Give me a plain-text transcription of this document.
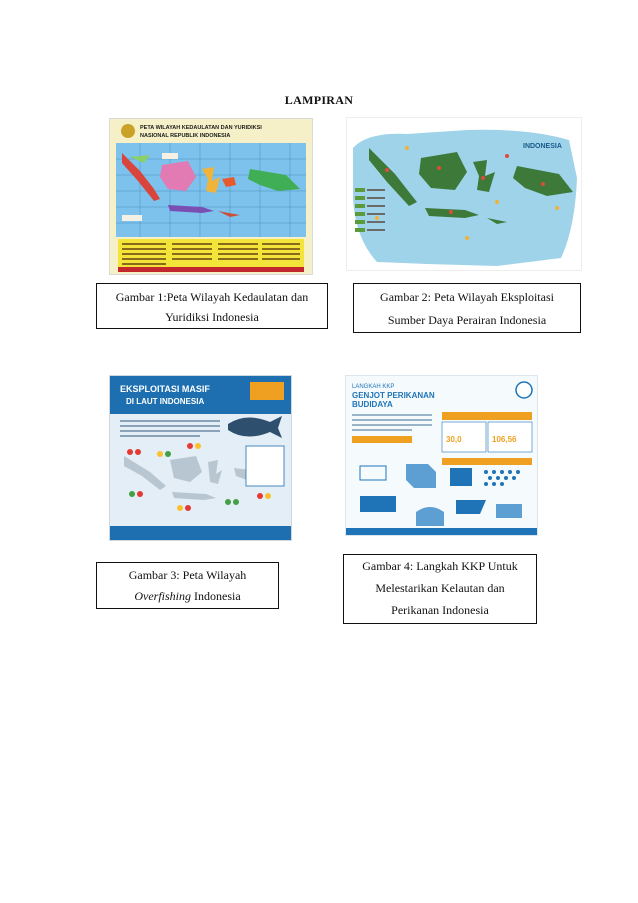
LAMPIRAN
PETA WILAYAH KEDAULATAN DAN YURIDIKSI
NASIONAL REPUBLIK INDONESIA
INDONESIA
Gambar 1:Peta Wilayah Kedaulatan dan
Yuridiksi Indonesia
Gambar 2: Peta Wilayah Eksploitasi
Sumber Daya Perairan Indonesia
EKSPLOITASI MASIF
DI LAUT INDONESIA
LANGKAH KKP
GENJOT PERIKANAN
BUDIDAYA
30,0	106,56
Gambar 3: Peta Wilayah
Overfishing Indonesia
Gambar 4: Langkah KKP Untuk
Melestarikan Kelautan dan
Perikanan Indonesia
